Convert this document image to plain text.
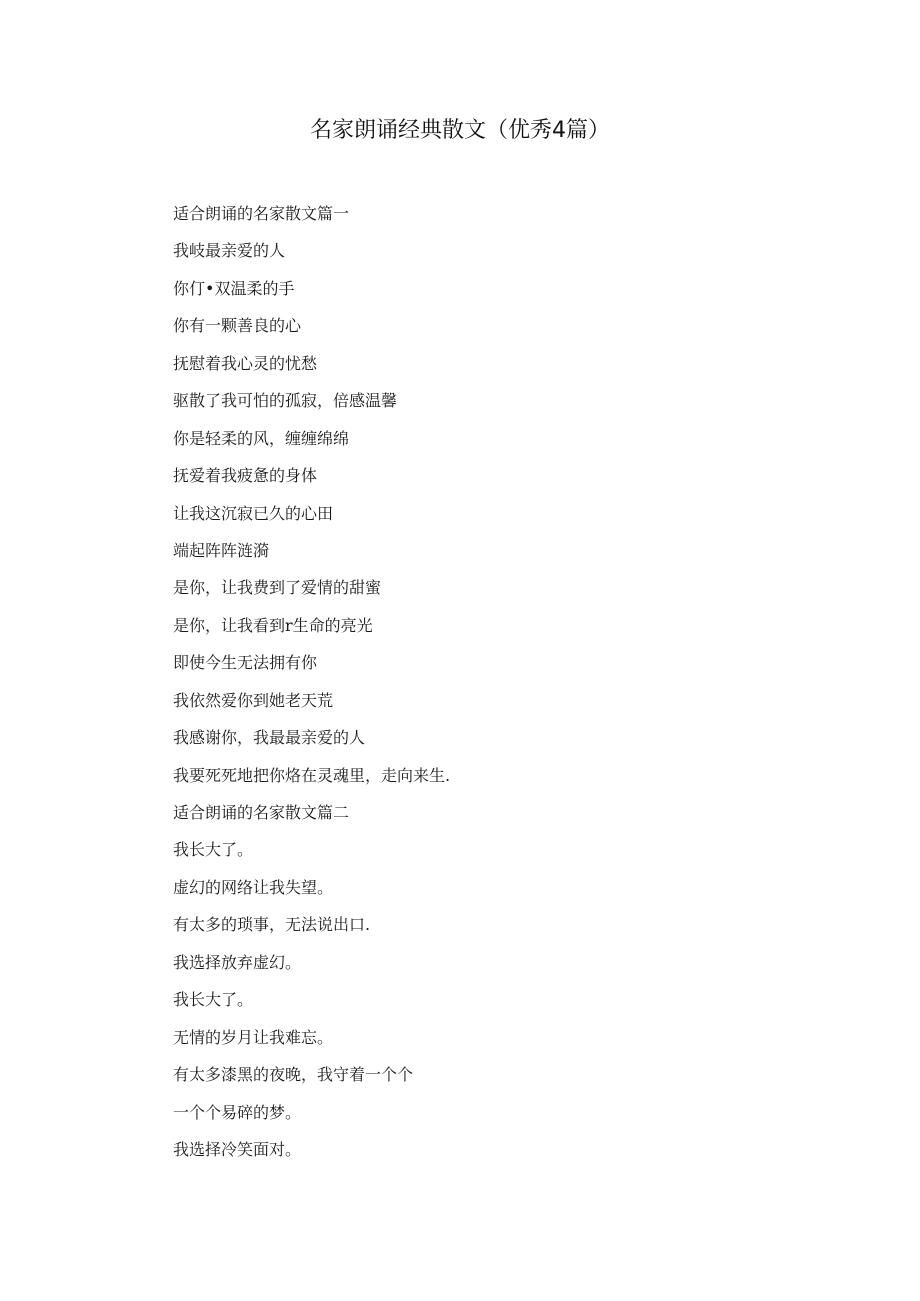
名家朗诵经典散文（优秀4篇）
适合朗诵的名家散文篇一
我岐最亲爱的人
你仃•双温柔的手
你有一颗善良的心
抚慰着我心灵的忧愁
驱散了我可怕的孤寂，倍感温馨
你是轻柔的风，缠缠绵绵
抚爱着我疲惫的身体
让我这沉寂已久的心田
端起阵阵涟漪
是你，让我费到了爱情的甜蜜
是你，让我看到r生命的亮光
即使今生无法拥有你
我依然爱你到她老天荒
我感谢你，我最最亲爱的人
我要死死地把你烙在灵魂里，走向来生.
适合朗诵的名家散文篇二
我长大了。
虚幻的网络让我失望。
有太多的琐事，无法说出口.
我选择放弃虚幻。
我长大了。
无情的岁月让我难忘。
有太多漆黑的夜晚，我守着一个个
一个个易碎的梦。
我选择冷笑面对。
